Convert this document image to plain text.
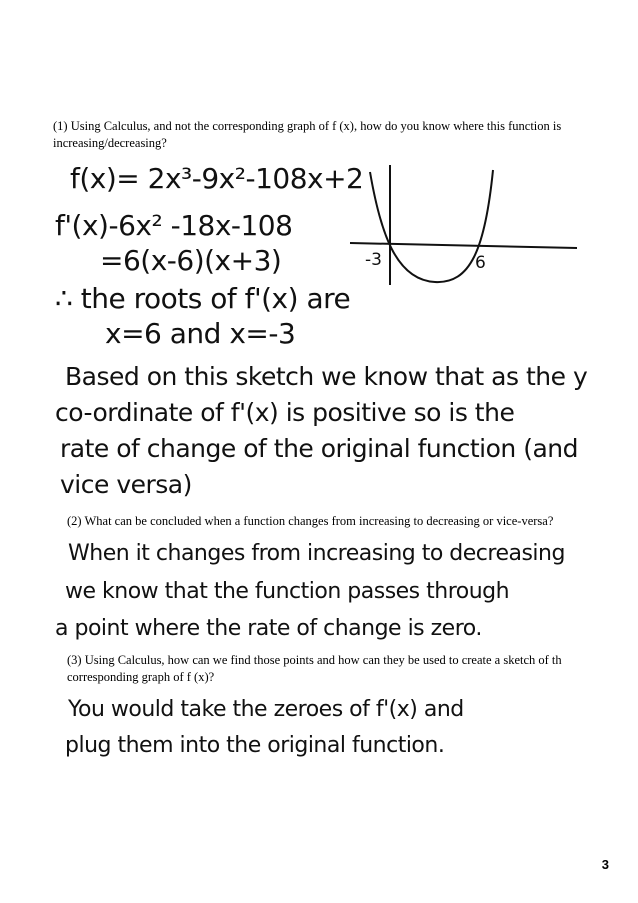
(1) Using Calculus, and not the corresponding graph of f (x), how do you know where this function is increasing/decreasing?

f(x)= 2x³-9x²-108x+2

f'(x)-6x² -18x-108

=6(x-6)(x+3)

∴ the roots of f'(x) are

x=6 and x=-3

Based on this sketch we know that as the y

co-ordinate of f'(x) is positive so is the

rate of change of the original function (and

vice versa)

-3	6

(2) What can be concluded when a function changes from increasing to decreasing or vice-versa?

When it changes from increasing to decreasing

we know that the function passes through

a point where the rate of change is zero.

(3) Using Calculus, how can we find those points and how can they be used to create a sketch of th corresponding graph of f (x)?

You would take the zeroes of f'(x) and

plug them into the original function.

3
